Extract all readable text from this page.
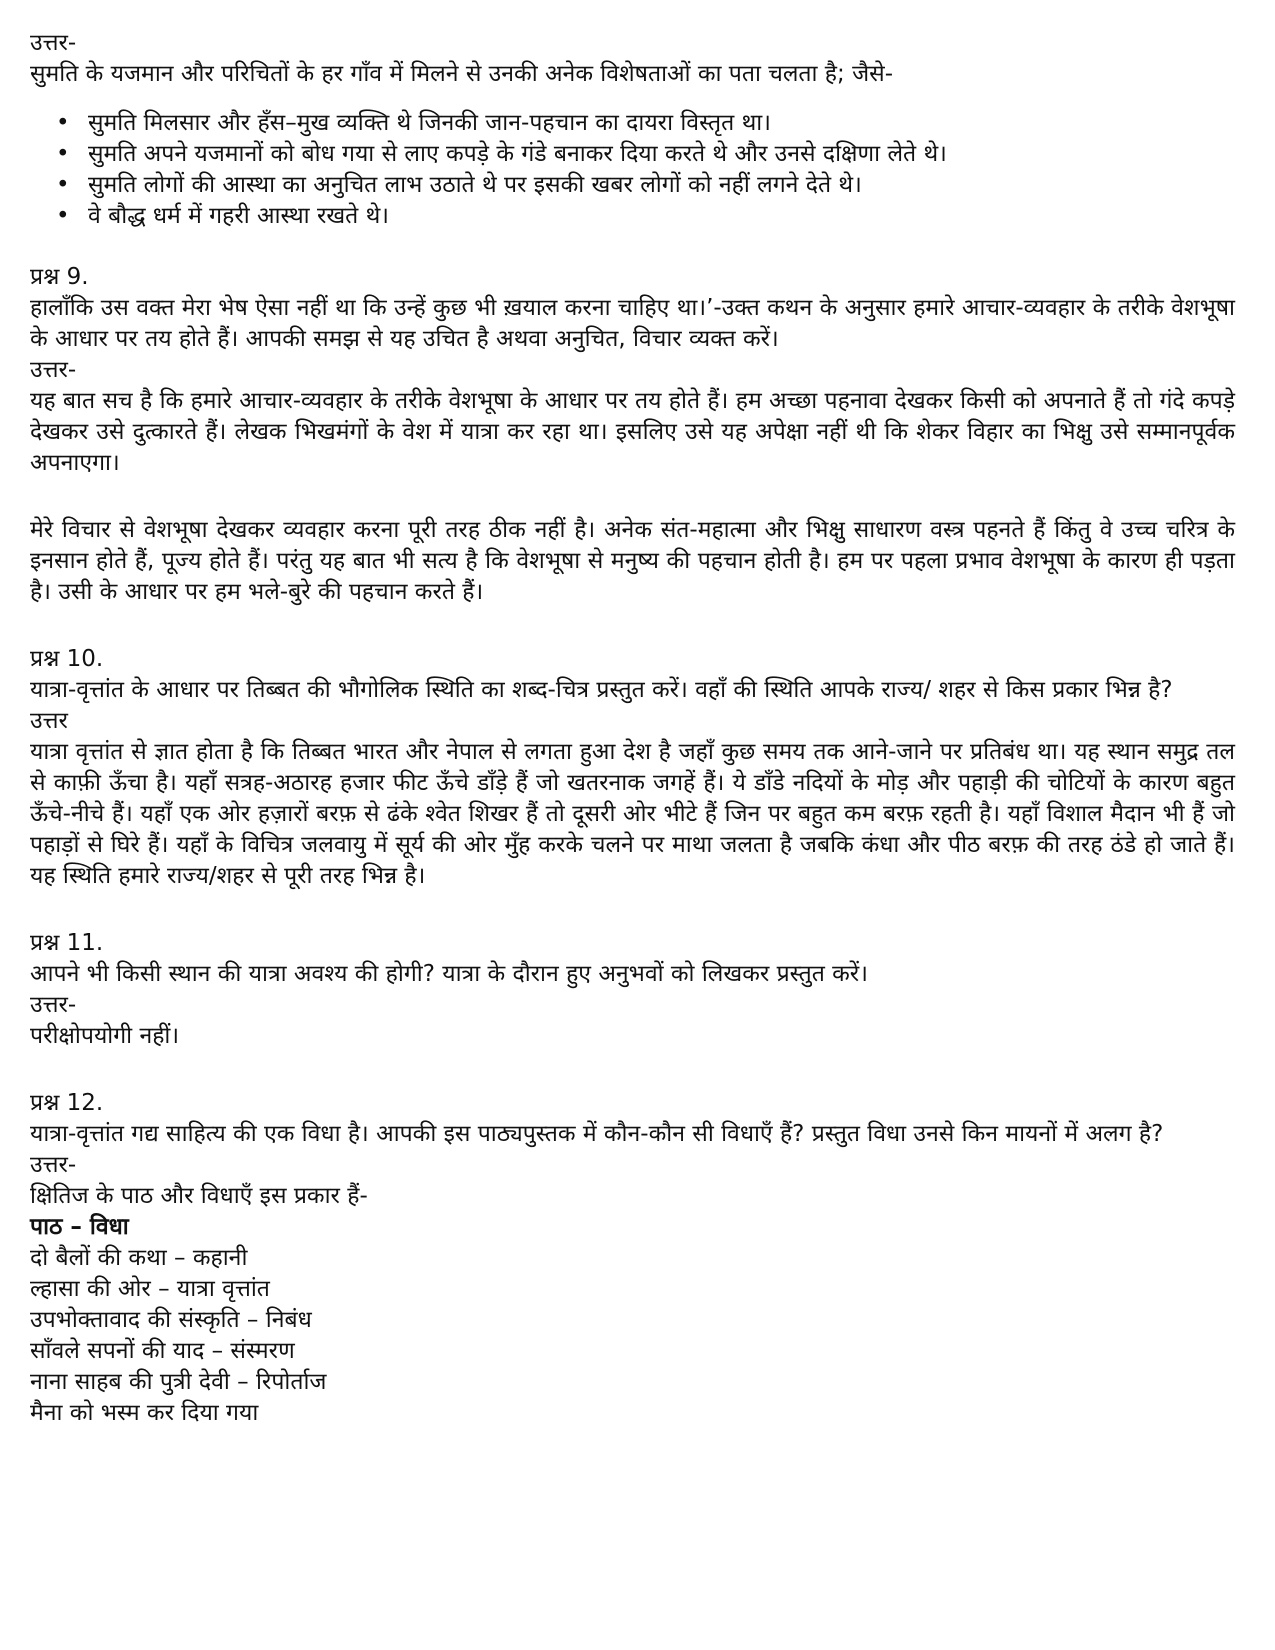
उत्तर-

सुमति के यजमान और परिचितों के हर गाँव में मिलने से उनकी अनेक विशेषताओं का पता चलता है; जैसे-

• सुमति मिलसार और हँस–मुख व्यक्ति थे जिनकी जान-पहचान का दायरा विस्तृत था।
• सुमति अपने यजमानों को बोध गया से लाए कपड़े के गंडे बनाकर दिया करते थे और उनसे दक्षिणा लेते थे।
• सुमति लोगों की आस्था का अनुचित लाभ उठाते थे पर इसकी खबर लोगों को नहीं लगने देते थे।
• वे बौद्ध धर्म में गहरी आस्था रखते थे।

प्रश्न 9.

हालाँकि उस वक्त मेरा भेष ऐसा नहीं था कि उन्हें कुछ भी ख़याल करना चाहिए था।’-उक्त कथन के अनुसार हमारे आचार-व्यवहार के तरीके वेशभूषा के आधार पर तय होते हैं। आपकी समझ से यह उचित है अथवा अनुचित, विचार व्यक्त करें।

उत्तर-

यह बात सच है कि हमारे आचार-व्यवहार के तरीके वेशभूषा के आधार पर तय होते हैं। हम अच्छा पहनावा देखकर किसी को अपनाते हैं तो गंदे कपड़े देखकर उसे दुत्कारते हैं। लेखक भिखमंगों के वेश में यात्रा कर रहा था। इसलिए उसे यह अपेक्षा नहीं थी कि शेकर विहार का भिक्षु उसे सम्मानपूर्वक अपनाएगा।

मेरे विचार से वेशभूषा देखकर व्यवहार करना पूरी तरह ठीक नहीं है। अनेक संत-महात्मा और भिक्षु साधारण वस्त्र पहनते हैं किंतु वे उच्च चरित्र के इनसान होते हैं, पूज्य होते हैं। परंतु यह बात भी सत्य है कि वेशभूषा से मनुष्य की पहचान होती है। हम पर पहला प्रभाव वेशभूषा के कारण ही पड़ता है। उसी के आधार पर हम भले-बुरे की पहचान करते हैं।

प्रश्न 10.

यात्रा-वृत्तांत के आधार पर तिब्बत की भौगोलिक स्थिति का शब्द-चित्र प्रस्तुत करें। वहाँ की स्थिति आपके राज्य/ शहर से किस प्रकार भिन्न है?

उत्तर

यात्रा वृत्तांत से ज्ञात होता है कि तिब्बत भारत और नेपाल से लगता हुआ देश है जहाँ कुछ समय तक आने-जाने पर प्रतिबंध था। यह स्थान समुद्र तल से काफ़ी ऊँचा है। यहाँ सत्रह-अठारह हजार फीट ऊँचे डाँड़े हैं जो खतरनाक जगहें हैं। ये डाँडे नदियों के मोड़ और पहाड़ी की चोटियों के कारण बहुत ऊँचे-नीचे हैं। यहाँ एक ओर हज़ारों बरफ़ से ढंके श्वेत शिखर हैं तो दूसरी ओर भीटे हैं जिन पर बहुत कम बरफ़ रहती है। यहाँ विशाल मैदान भी हैं जो पहाड़ों से घिरे हैं। यहाँ के विचित्र जलवायु में सूर्य की ओर मुँह करके चलने पर माथा जलता है जबकि कंधा और पीठ बरफ़ की तरह ठंडे हो जाते हैं। यह स्थिति हमारे राज्य/शहर से पूरी तरह भिन्न है।

प्रश्न 11.

आपने भी किसी स्थान की यात्रा अवश्य की होगी? यात्रा के दौरान हुए अनुभवों को लिखकर प्रस्तुत करें।

उत्तर-

परीक्षोपयोगी नहीं।

प्रश्न 12.

यात्रा-वृत्तांत गद्य साहित्य की एक विधा है। आपकी इस पाठ्यपुस्तक में कौन-कौन सी विधाएँ हैं? प्रस्तुत विधा उनसे किन मायनों में अलग है?

उत्तर-

क्षितिज के पाठ और विधाएँ इस प्रकार हैं-

पाठ – विधा

दो बैलों की कथा – कहानी

ल्हासा की ओर – यात्रा वृत्तांत

उपभोक्तावाद की संस्कृति – निबंध

साँवले सपनों की याद – संस्मरण

नाना साहब की पुत्री देवी – रिपोर्ताज

मैना को भस्म कर दिया गया
